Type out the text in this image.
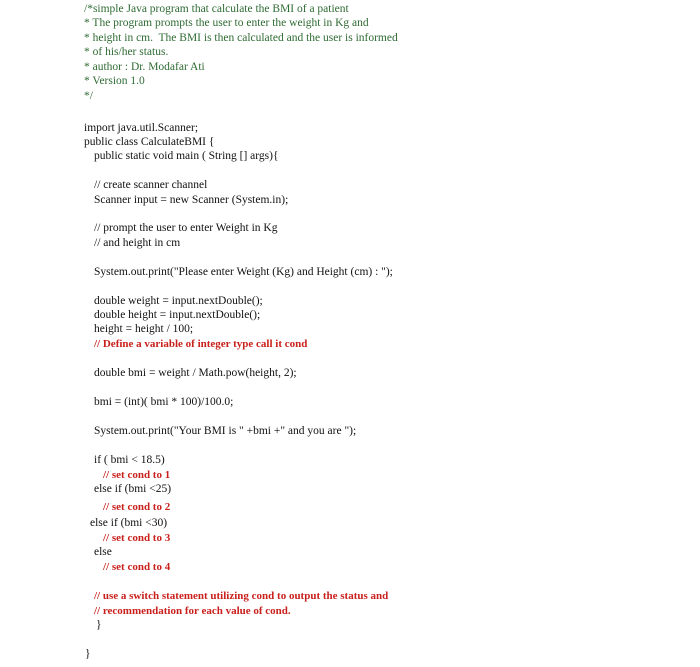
/*simple Java program that calculate the BMI of a patient
* The program prompts the user to enter the weight in Kg and
* height in cm.  The BMI is then calculated and the user is informed
* of his/her status.
* author : Dr. Modafar Ati
* Version 1.0
*/
import java.util.Scanner;
public class CalculateBMI {
public static void main ( String [] args){
// create scanner channel
Scanner input = new Scanner (System.in);
// prompt the user to enter Weight in Kg
// and height in cm
System.out.print("Please enter Weight (Kg) and Height (cm) : ");
double weight = input.nextDouble();
double height = input.nextDouble();
height = height / 100;
// Define a variable of integer type call it cond
double bmi = weight / Math.pow(height, 2);
bmi = (int)( bmi * 100)/100.0;
System.out.print("Your BMI is " +bmi +" and you are ");
if ( bmi < 18.5)
// set cond to 1
else if (bmi <25)
// set cond to 2
else if (bmi <30)
// set cond to 3
else
// set cond to 4
// use a switch statement utilizing cond to output the status and
// recommendation for each value of cond.
}
}
